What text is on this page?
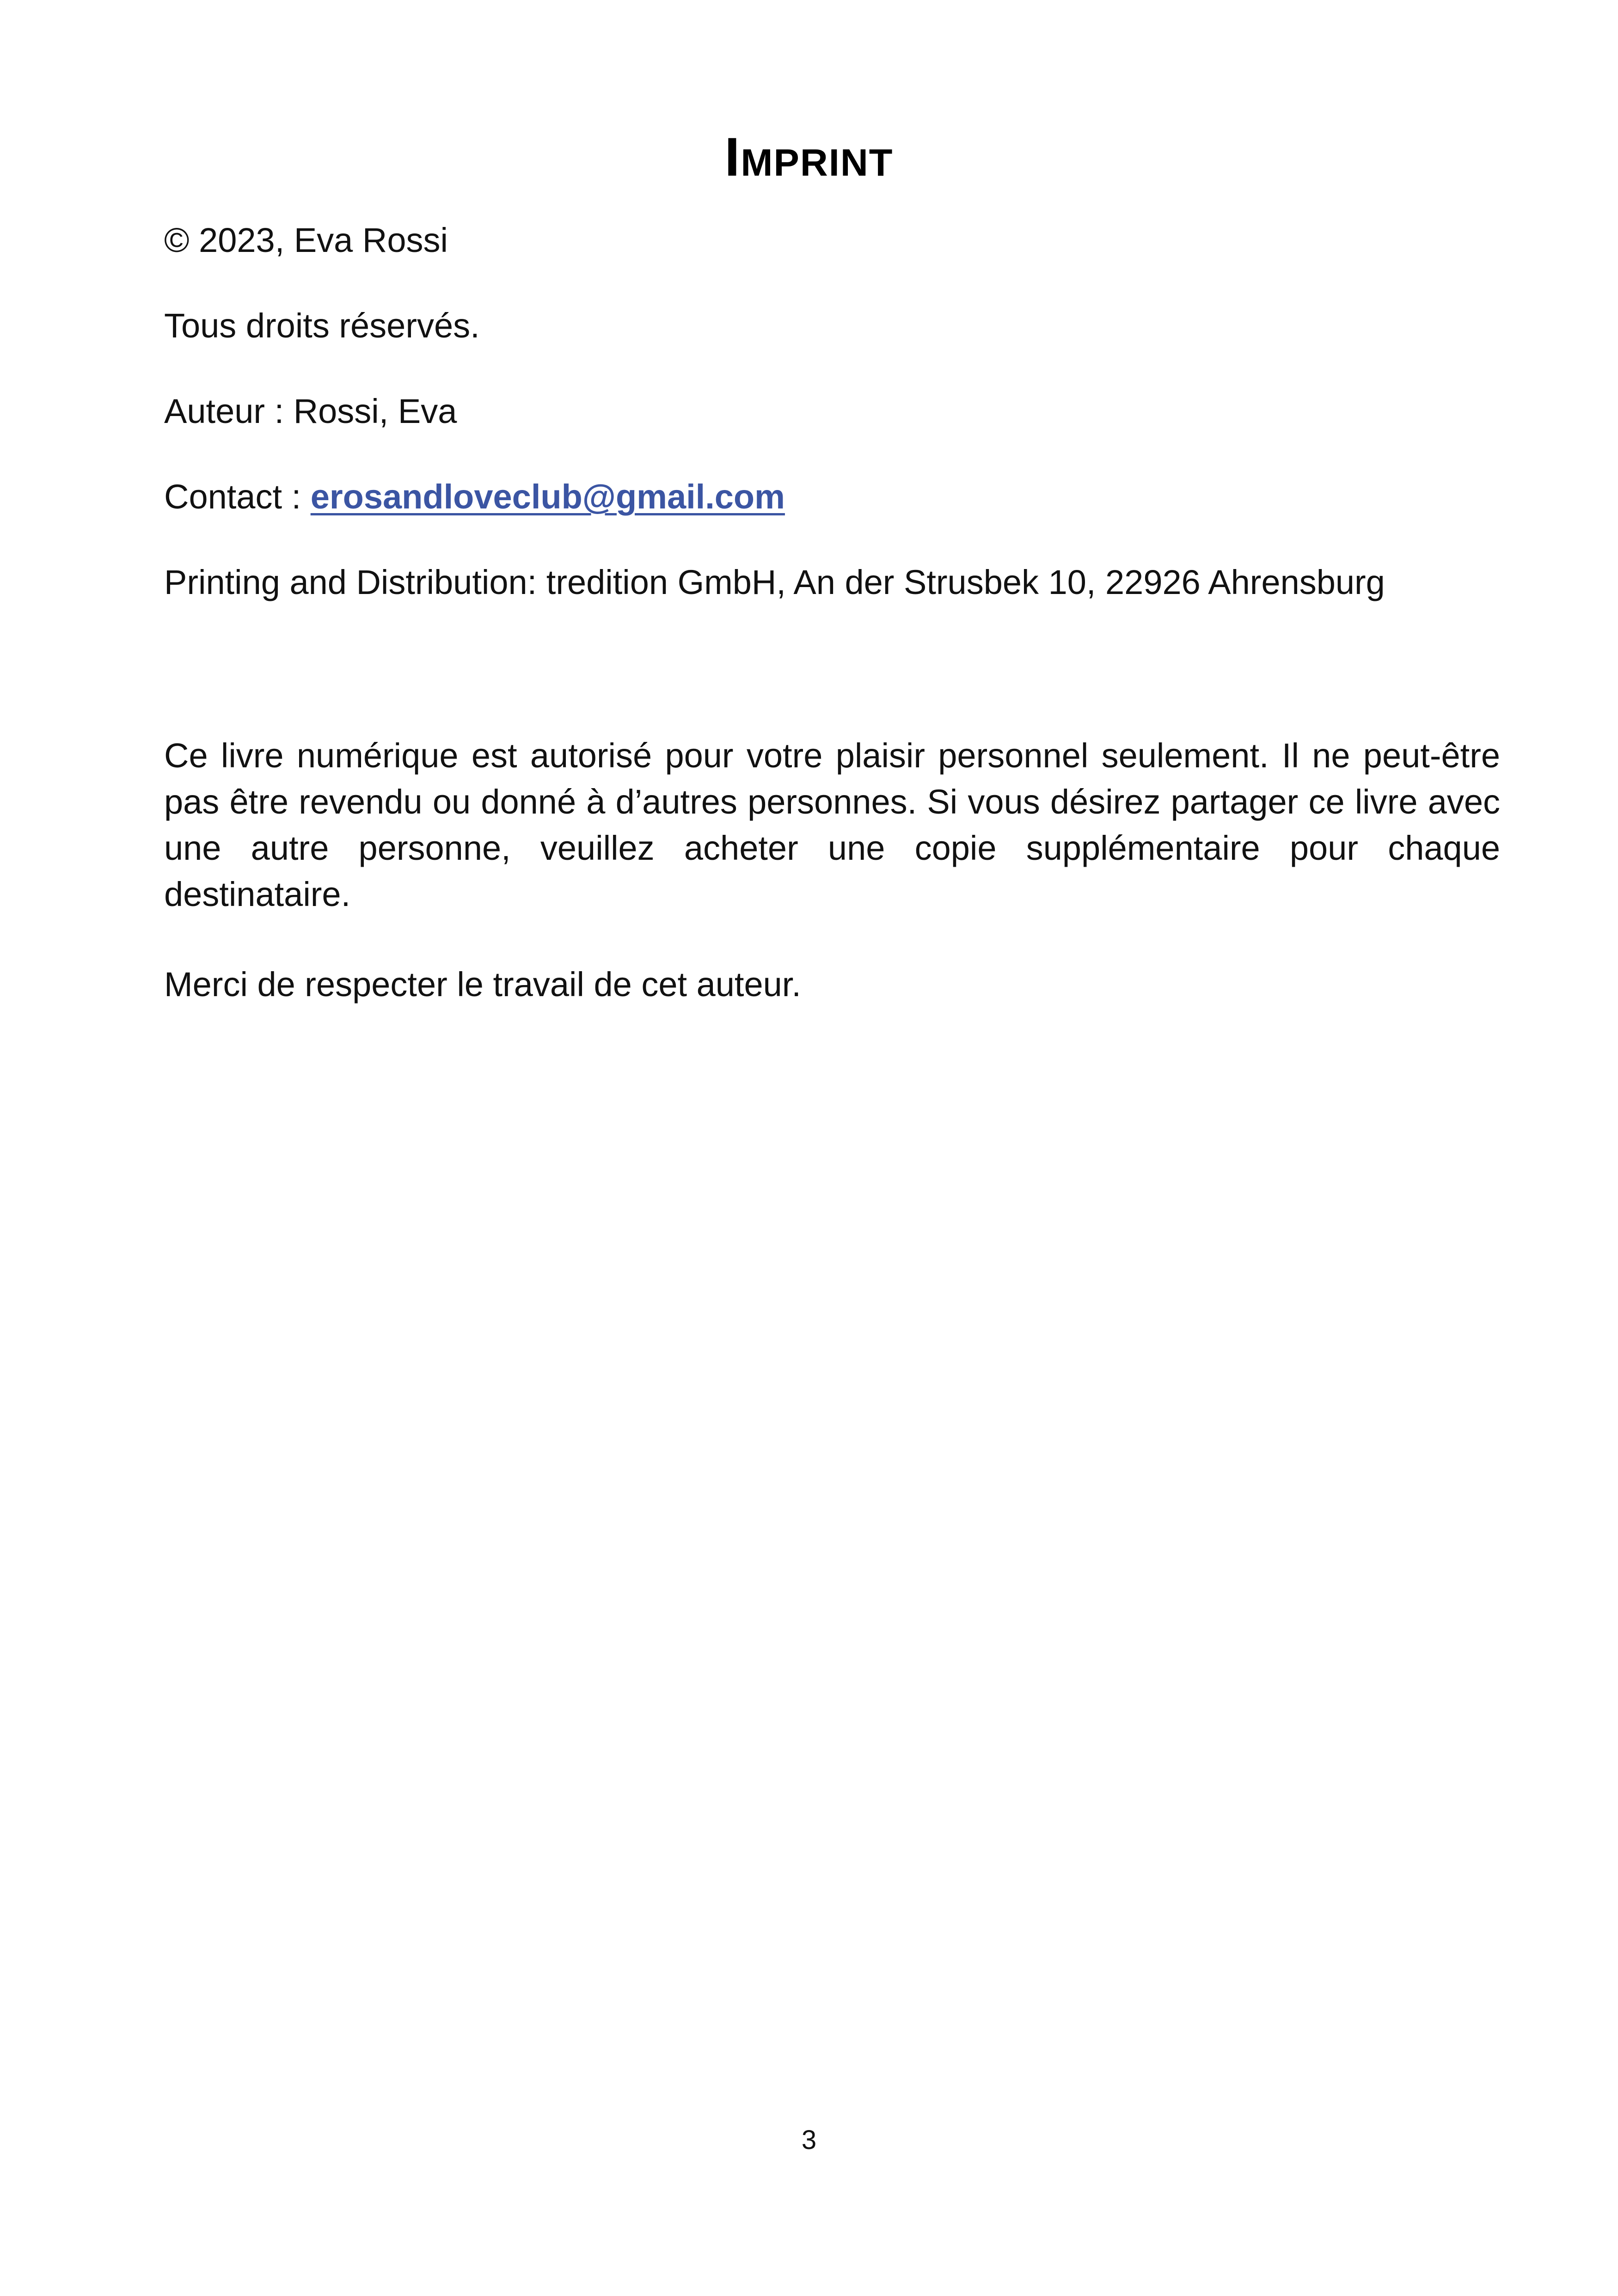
Imprint

© 2023, Eva Rossi

Tous droits réservés.

Auteur : Rossi, Eva

Contact : erosandloveclub@gmail.com

Printing and Distribution: tredition GmbH, An der Strusbek 10, 22926 Ahrensburg

Ce livre numérique est autorisé pour votre plaisir personnel seulement. Il ne peut-être pas être revendu ou donné à d’autres personnes. Si vous désirez partager ce livre avec une autre personne, veuillez acheter une copie supplémentaire pour chaque destinataire.

Merci de respecter le travail de cet auteur.

3
